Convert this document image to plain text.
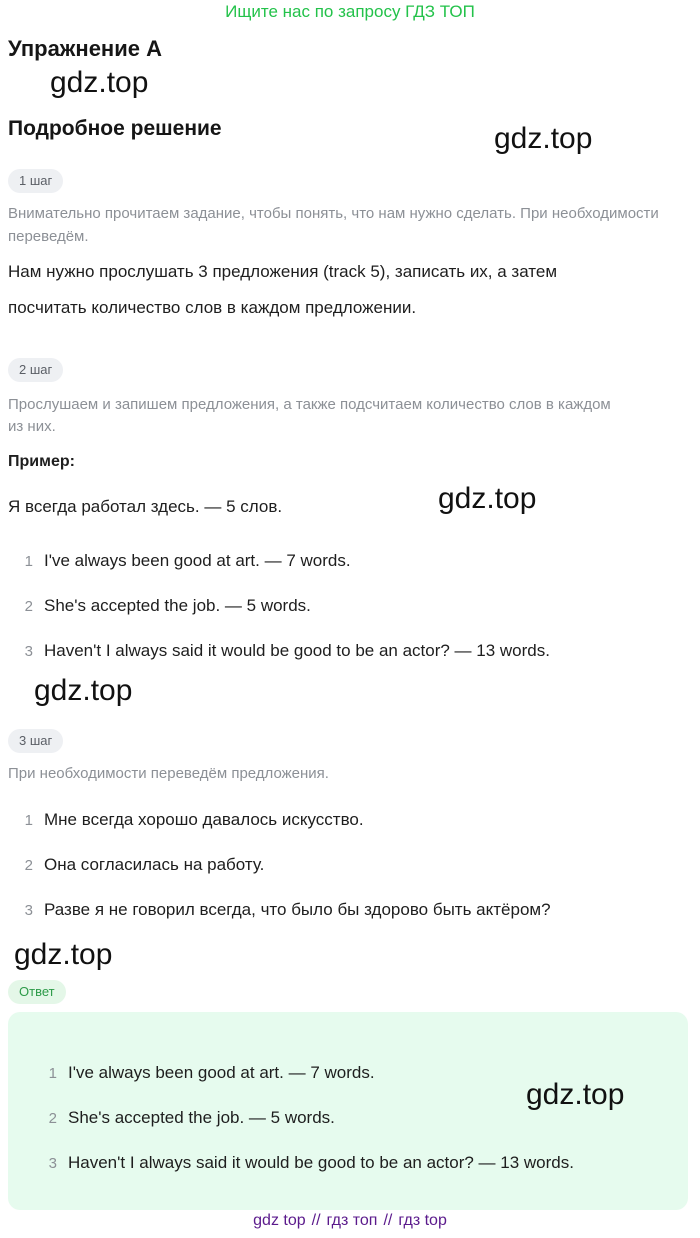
Ищите нас по запросу ГДЗ ТОП
Упражнение A
gdz.top
Подробное решение	gdz.top
1 шаг
Внимательно прочитаем задание, чтобы понять, что нам нужно сделать. При необходимости переведём.
Нам нужно прослушать 3 предложения (track 5), записать их, а затем
посчитать количество слов в каждом предложении.
2 шаг
Прослушаем и запишем предложения, а также подсчитаем количество слов в каждом
из них.
Пример:
Я всегда работал здесь. — 5 слов.	gdz.top
1 I've always been good at art. — 7 words.
2 She's accepted the job. — 5 words.
3 Haven't I always said it would be good to be an actor? — 13 words.
gdz.top
3 шаг
При необходимости переведём предложения.
1 Мне всегда хорошо давалось искусство.
2 Она согласилась на работу.
3 Разве я не говорил всегда, что было бы здорово быть актёром?
gdz.top
Ответ
1 I've always been good at art. — 7 words.
2 She's accepted the job. — 5 words.
3 Haven't I always said it would be good to be an actor? — 13 words.
gdz.top
gdz top // гдз топ // гдз top
